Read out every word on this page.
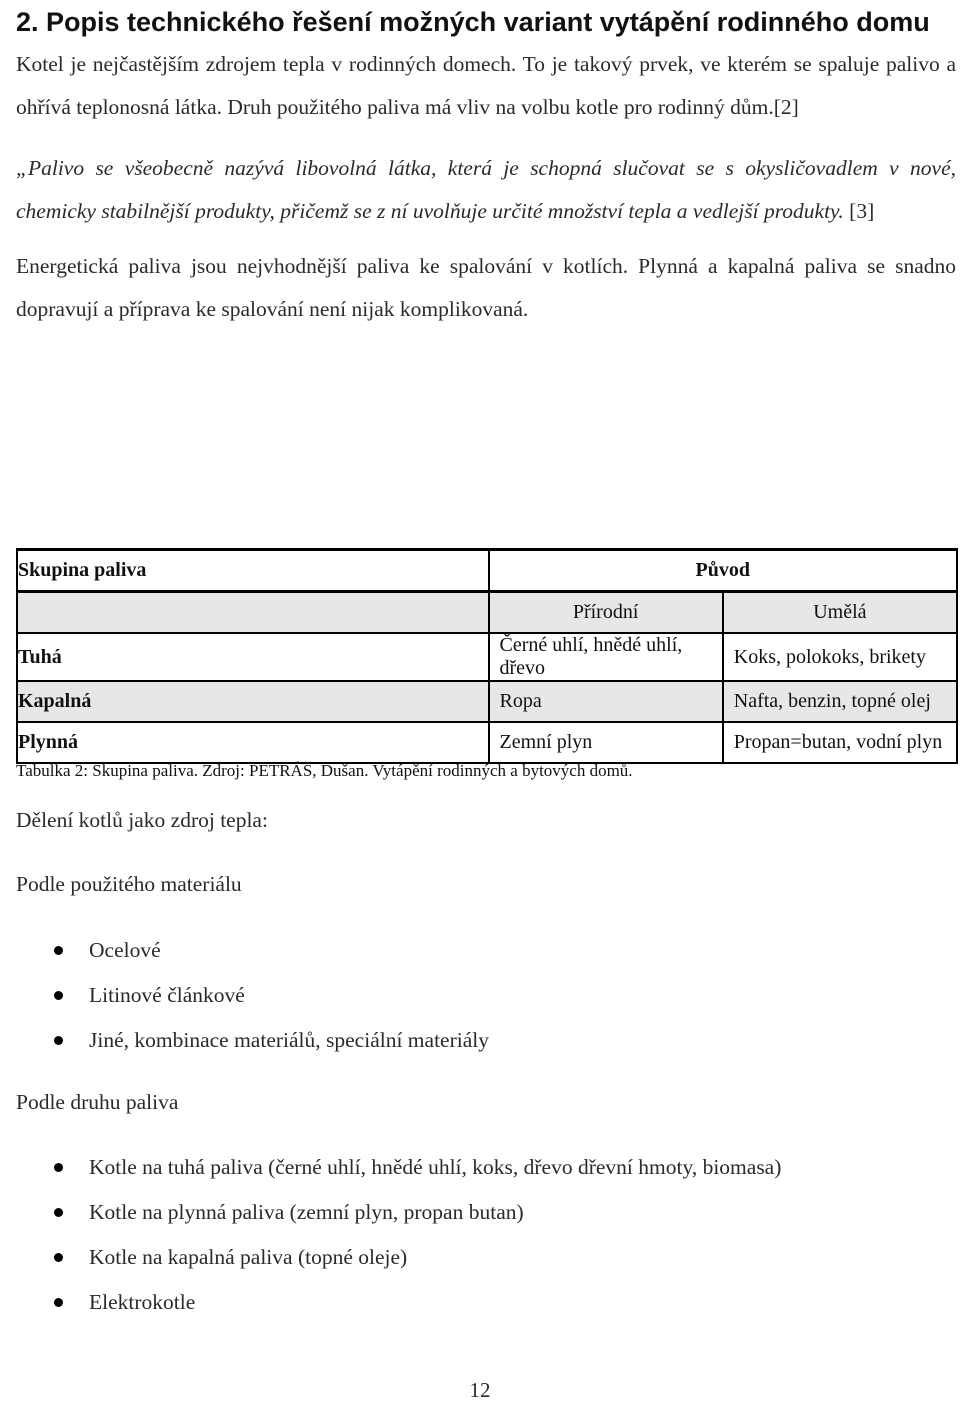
2. Popis technického řešení možných variant vytápění rodinného domu

Kotel je nejčastějším zdrojem tepla v rodinných domech. To je takový prvek, ve kterém se spaluje palivo a ohřívá teplonosná látka. Druh použitého paliva má vliv na volbu kotle pro rodinný dům.[2]

„Palivo se všeobecně nazývá libovolná látka, která je schopná slučovat se s okysličovadlem v nové, chemicky stabilnější produkty, přičemž se z ní uvolňuje určité množství tepla a vedlejší produkty. [3]

Energetická paliva jsou nejvhodnější paliva ke spalování v kotlích. Plynná a kapalná paliva se snadno dopravují a příprava ke spalování není nijak komplikovaná.

Skupina paliva	Původ	
	Přírodní	Umělá
Tuhá	Černé uhlí, hnědé uhlí, dřevo	Koks, polokoks, brikety
Kapalná	Ropa	Nafta, benzin, topné olej
Plynná	Zemní plyn	Propan=butan, vodní plyn
Tabulka 2: Skupina paliva. Zdroj: PETRÁŠ, Dušan. Vytápění rodinných a bytových domů.
Dělení kotlů jako zdroj tepla:
Podle použitého materiálu
Ocelové
Litinové článkové
Jiné, kombinace materiálů, speciální materiály
Podle druhu paliva
Kotle na tuhá paliva (černé uhlí, hnědé uhlí, koks, dřevo dřevní hmoty, biomasa)
Kotle na plynná paliva (zemní plyn, propan butan)
Kotle na kapalná paliva (topné oleje)
Elektrokotle
12
